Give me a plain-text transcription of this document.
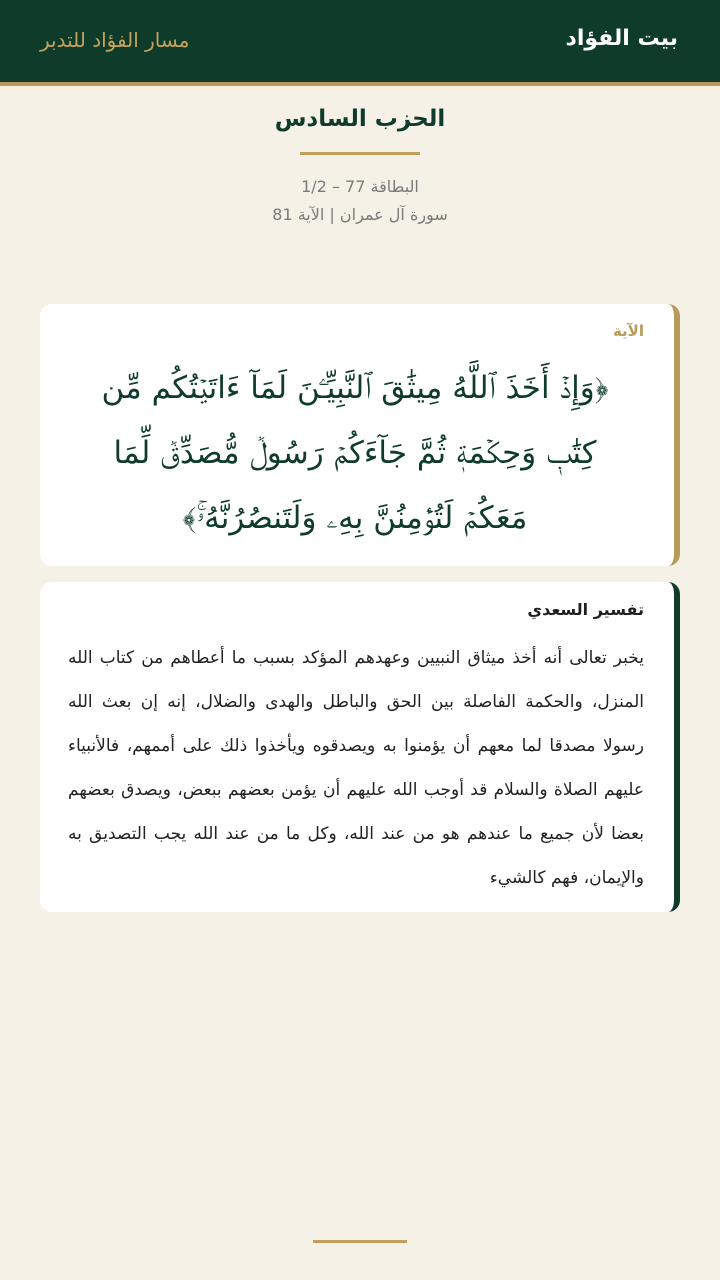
بيت الفؤاد
مسار الفؤاد للتدبر
الحزب السادس
البطاقة 77 – 1/2
سورة آل عمران | الآية 81
الآية
﴿وَإِذۡ أَخَذَ ٱللَّهُ مِيثَٰقَ ٱلنَّبِيِّـۧنَ لَمَآ ءَاتَيۡتُكُم مِّن كِتَٰبٖ وَحِكۡمَةٖ ثُمَّ جَآءَكُمۡ رَسُولٞ مُّصَدِّقٞ لِّمَا مَعَكُمۡ لَتُؤۡمِنُنَّ بِهِۦ وَلَتَنصُرُنَّهُۥۚ﴾
تفسير السعدي
يخبر تعالى أنه أخذ ميثاق النبيين وعهدهم المؤكد بسبب ما أعطاهم من كتاب الله المنزل، والحكمة الفاصلة بين الحق والباطل والهدى والضلال، إنه إن بعث الله رسولا مصدقا لما معهم أن يؤمنوا به ويصدقوه ويأخذوا ذلك على أممهم، فالأنبياء عليهم الصلاة والسلام قد أوجب الله عليهم أن يؤمن بعضهم ببعض، ويصدق بعضهم بعضا لأن جميع ما عندهم هو من عند الله، وكل ما من عند الله يجب التصديق به والإيمان، فهم كالشيء
